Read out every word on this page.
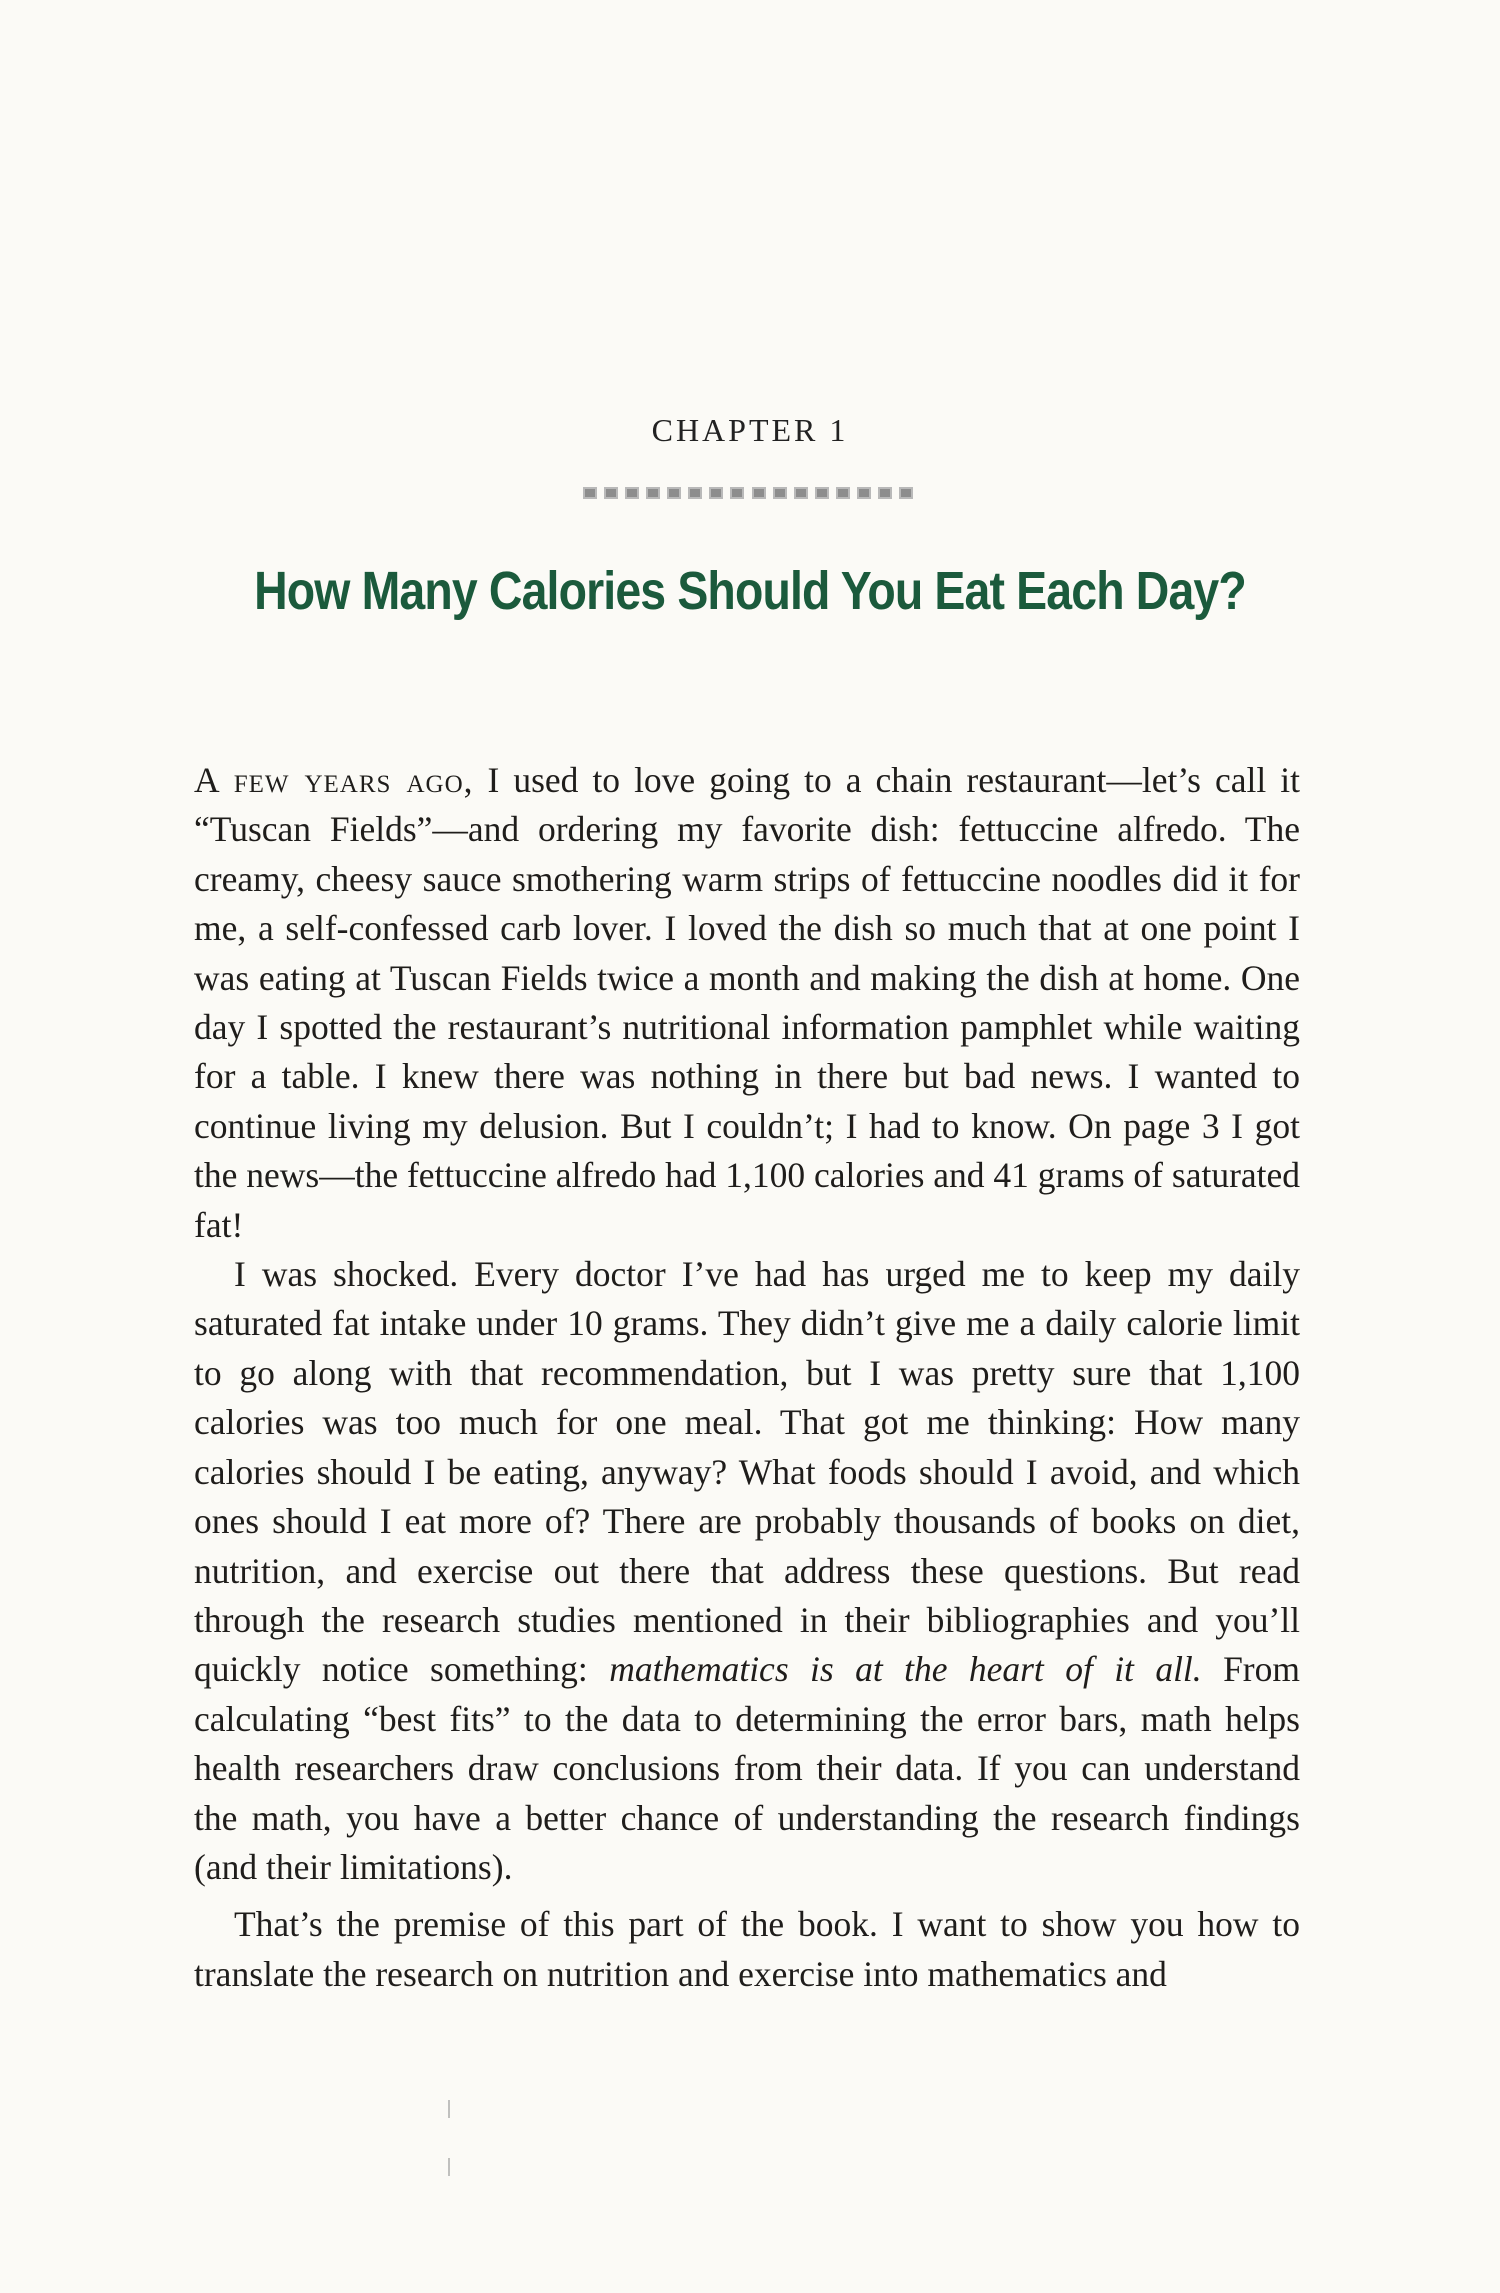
CHAPTER 1
How Many Calories Should You Eat Each Day?

A few years ago, I used to love going to a chain restaurant—let’s call it “Tuscan Fields”—and ordering my favorite dish: fettuccine alfredo. The creamy, cheesy sauce smothering warm strips of fettuccine noodles did it for me, a self-confessed carb lover. I loved the dish so much that at one point I was eating at Tuscan Fields twice a month and making the dish at home. One day I spotted the restaurant’s nutritional information pamphlet while waiting for a table. I knew there was nothing in there but bad news. I wanted to continue living my delusion. But I couldn’t; I had to know. On page 3 I got the news—the fettuccine alfredo had 1,100 calories and 41 grams of saturated fat!

I was shocked. Every doctor I’ve had has urged me to keep my daily saturated fat intake under 10 grams. They didn’t give me a daily calorie limit to go along with that recommendation, but I was pretty sure that 1,100 calories was too much for one meal. That got me thinking: How many calories should I be eating, anyway? What foods should I avoid, and which ones should I eat more of? There are probably thousands of books on diet, nutrition, and exercise out there that address these questions. But read through the research studies mentioned in their bibliographies and you’ll quickly notice something: mathematics is at the heart of it all. From calculating “best fits” to the data to determining the error bars, math helps health researchers draw conclusions from their data. If you can understand the math, you have a better chance of understanding the research findings (and their limitations).

That’s the premise of this part of the book. I want to show you how to translate the research on nutrition and exercise into mathematics and
